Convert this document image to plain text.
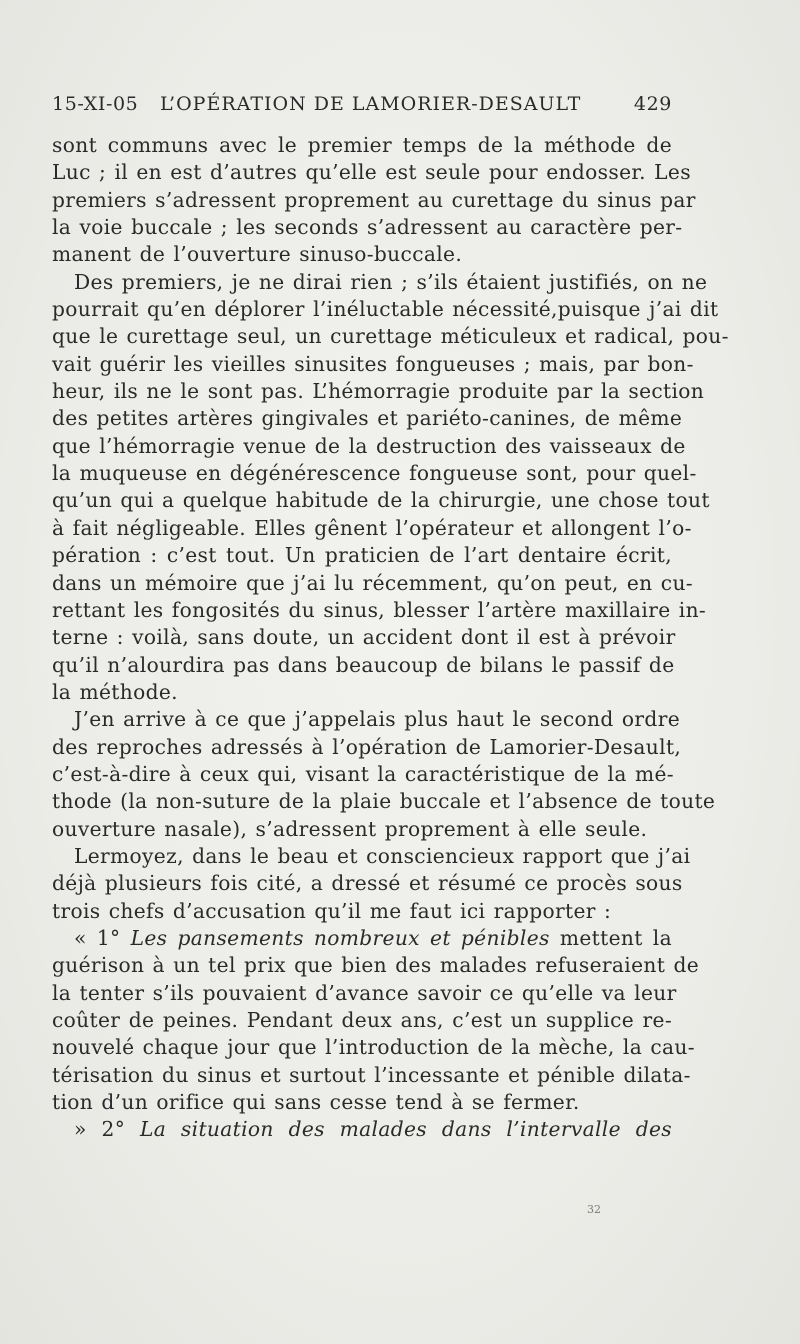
15-XI-05 L’OPÉRATION DE LAMORIER-DESAULT	429
sont communs avec le premier temps de la méthode de
Luc ; il en est d’autres qu’elle est seule pour endosser. Les
premiers s’adressent proprement au curettage du sinus par
la voie buccale ; les seconds s’adressent au caractère per-
manent de l’ouverture sinuso-buccale.
Des premiers, je ne dirai rien ; s’ils étaient justifiés, on ne
pourrait qu’en déplorer l’inéluctable nécessité,puisque j’ai dit
que le curettage seul, un curettage méticuleux et radical, pou-
vait guérir les vieilles sinusites fongueuses ; mais, par bon-
heur, ils ne le sont pas. L’hémorragie produite par la section
des petites artères gingivales et pariéto-canines, de même
que l’hémorragie venue de la destruction des vaisseaux de
la muqueuse en dégénérescence fongueuse sont, pour quel-
qu’un qui a quelque habitude de la chirurgie, une chose tout
à fait négligeable. Elles gênent l’opérateur et allongent l’o-
pération : c’est tout. Un praticien de l’art dentaire écrit,
dans un mémoire que j’ai lu récemment, qu’on peut, en cu-
rettant les fongosités du sinus, blesser l’artère maxillaire in-
terne : voilà, sans doute, un accident dont il est à prévoir
qu’il n’alourdira pas dans beaucoup de bilans le passif de
la méthode.
J’en arrive à ce que j’appelais plus haut le second ordre
des reproches adressés à l’opération de Lamorier-Desault,
c’est-à-dire à ceux qui, visant la caractéristique de la mé-
thode (la non-suture de la plaie buccale et l’absence de toute
ouverture nasale), s’adressent proprement à elle seule.
Lermoyez, dans le beau et consciencieux rapport que j’ai
déjà plusieurs fois cité, a dressé et résumé ce procès sous
trois chefs d’accusation qu’il me faut ici rapporter :
« 1° Les pansements nombreux et pénibles mettent la
guérison à un tel prix que bien des malades refuseraient de
la tenter s’ils pouvaient d’avance savoir ce qu’elle va leur
coûter de peines. Pendant deux ans, c’est un supplice re-
nouvelé chaque jour que l’introduction de la mèche, la cau-
térisation du sinus et surtout l’incessante et pénible dilata-
tion d’un orifice qui sans cesse tend à se fermer.
» 2° La situation des malades dans l’intervalle des
32
